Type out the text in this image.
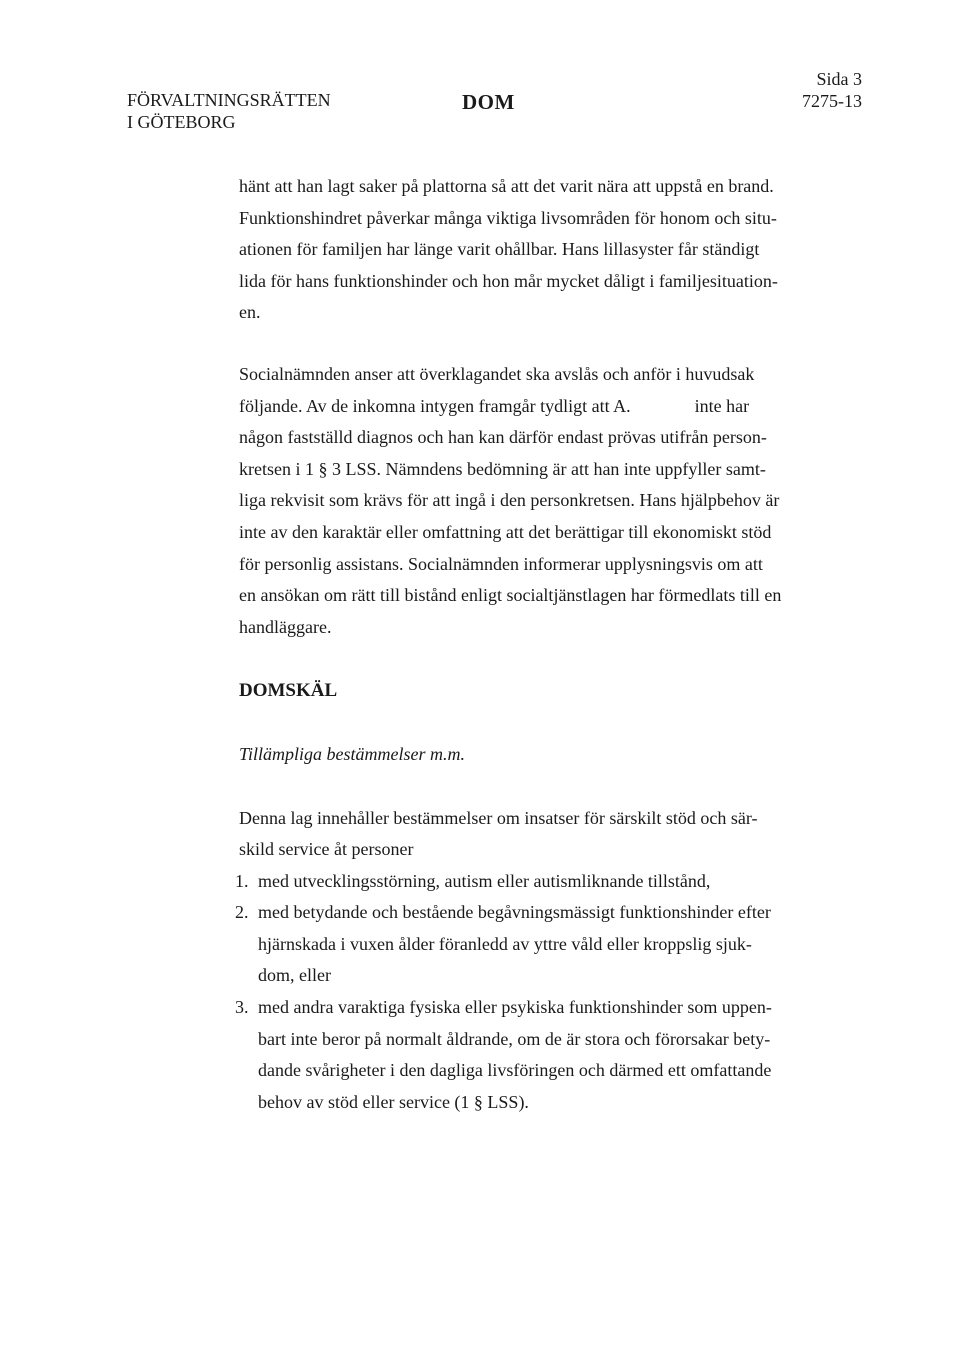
FÖRVALTNINGSRÄTTEN
I GÖTEBORG
DOM
Sida 3
7275-13

hänt att han lagt saker på plattorna så att det varit nära att uppstå en brand.
Funktionshindret påverkar många viktiga livsområden för honom och situ-
ationen för familjen har länge varit ohållbar. Hans lillasyster får ständigt
lida för hans funktionshinder och hon mår mycket dåligt i familjesituation-
en.

Socialnämnden anser att överklagandet ska avslås och anför i huvudsak
följande. Av de inkomna intygen framgår tydligt att A.	inte har
någon fastställd diagnos och han kan därför endast prövas utifrån person-
kretsen i 1 § 3 LSS. Nämndens bedömning är att han inte uppfyller samt-
liga rekvisit som krävs för att ingå i den personkretsen. Hans hjälpbehov är
inte av den karaktär eller omfattning att det berättigar till ekonomiskt stöd
för personlig assistans. Socialnämnden informerar upplysningsvis om att
en ansökan om rätt till bistånd enligt socialtjänstlagen har förmedlats till en
handläggare.

DOMSKÄL

Tillämpliga bestämmelser m.m.

Denna lag innehåller bestämmelser om insatser för särskilt stöd och sär-
skild service åt personer

1. med utvecklingsstörning, autism eller autismliknande tillstånd,
2. med betydande och bestående begåvningsmässigt funktionshinder efter
hjärnskada i vuxen ålder föranledd av yttre våld eller kroppslig sjuk-
dom, eller
3. med andra varaktiga fysiska eller psykiska funktionshinder som uppen-
bart inte beror på normalt åldrande, om de är stora och förorsakar bety-
dande svårigheter i den dagliga livsföringen och därmed ett omfattande
behov av stöd eller service (1 § LSS).
